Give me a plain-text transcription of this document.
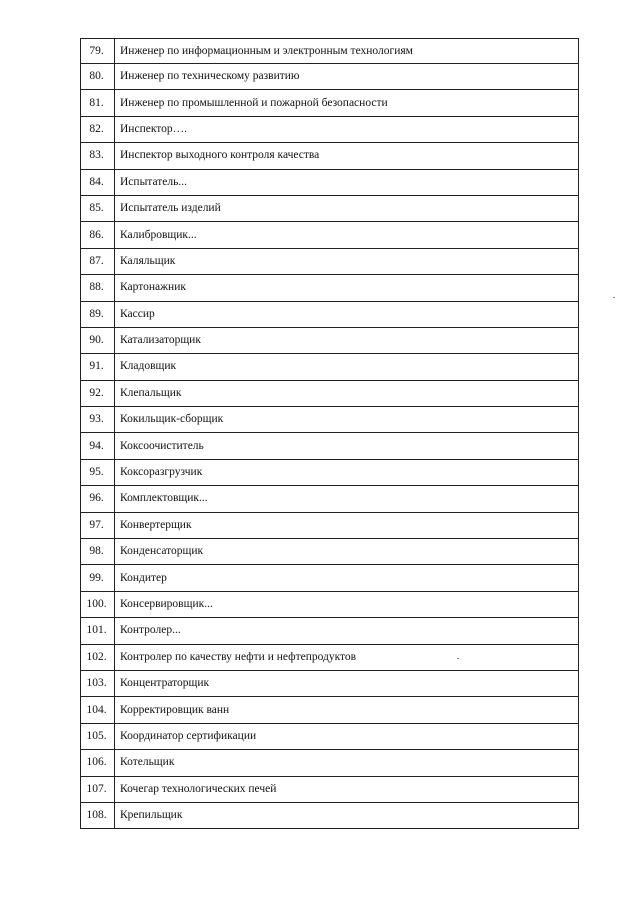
79.	Инженер по информационным и электронным технологиям
80.	Инженер по техническому развитию
81.	Инженер по промышленной и пожарной безопасности
82.	Инспектор….
83.	Инспектор выходного контроля качества
84.	Испытатель...
85.	Испытатель изделий
86.	Калибровщик...
87.	Каляльщик
88.	Картонажник
89.	Кассир
90.	Катализаторщик
91.	Кладовщик
92.	Клепальщик
93.	Кокильщик-сборщик
94.	Коксоочиститель
95.	Коксоразгрузчик
96.	Комплектовщик...
97.	Конвертерщик
98.	Конденсаторщик
99.	Кондитер
100.	Консервировщик...
101.	Контролер...
102.	Контролер по качеству нефти и нефтепродуктов
103.	Концентраторщик
104.	Корректировщик ванн
105.	Координатор сертификации
106.	Котельщик
107.	Кочегар технологических печей
108.	Крепильщик
